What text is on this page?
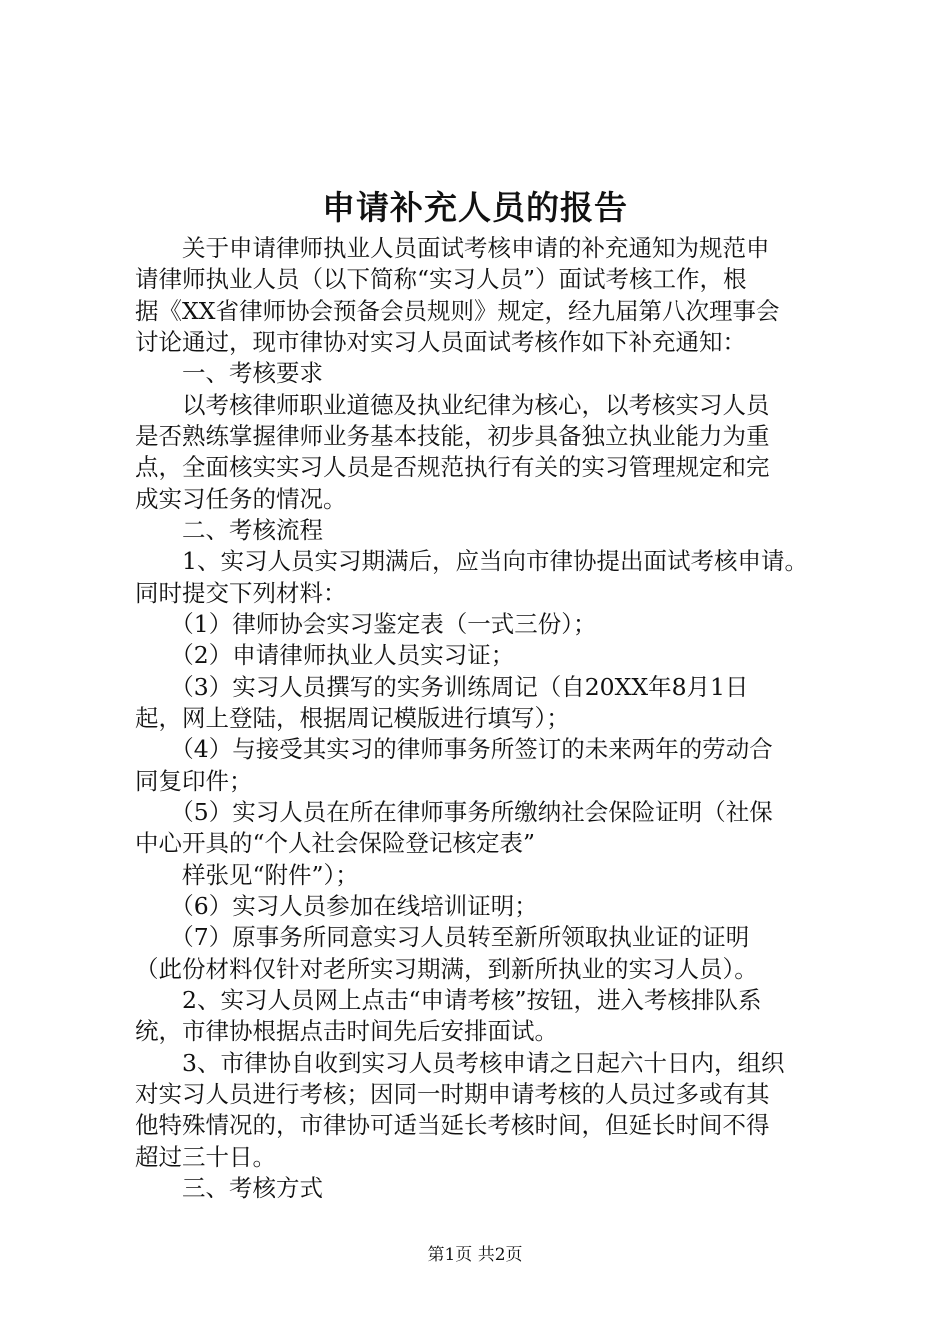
申请补充人员的报告
　　关于申请律师执业人员面试考核申请的补充通知为规范申
请律师执业人员（以下简称“实习人员”）面试考核工作，根
据《XX省律师协会预备会员规则》规定，经九届第八次理事会
讨论通过，现市律协对实习人员面试考核作如下补充通知：
　　一、考核要求
　　以考核律师职业道德及执业纪律为核心，以考核实习人员
是否熟练掌握律师业务基本技能，初步具备独立执业能力为重
点，全面核实实习人员是否规范执行有关的实习管理规定和完
成实习任务的情况。
　　二、考核流程
　　1、实习人员实习期满后，应当向市律协提出面试考核申请。
同时提交下列材料：
　　（1）律师协会实习鉴定表（一式三份）；
　　（2）申请律师执业人员实习证；
　　（3）实习人员撰写的实务训练周记（自20XX年8月1日
起，网上登陆，根据周记模版进行填写）；
　　（4）与接受其实习的律师事务所签订的未来两年的劳动合
同复印件；
　　（5）实习人员在所在律师事务所缴纳社会保险证明（社保
中心开具的“个人社会保险登记核定表”
　　样张见“附件”）；
　　（6）实习人员参加在线培训证明；
　　（7）原事务所同意实习人员转至新所领取执业证的证明
（此份材料仅针对老所实习期满，到新所执业的实习人员）。
　　2、实习人员网上点击“申请考核”按钮，进入考核排队系
统，市律协根据点击时间先后安排面试。
　　3、市律协自收到实习人员考核申请之日起六十日内，组织
对实习人员进行考核；因同一时期申请考核的人员过多或有其
他特殊情况的，市律协可适当延长考核时间，但延长时间不得
超过三十日。
　　三、考核方式
第1页 共2页
